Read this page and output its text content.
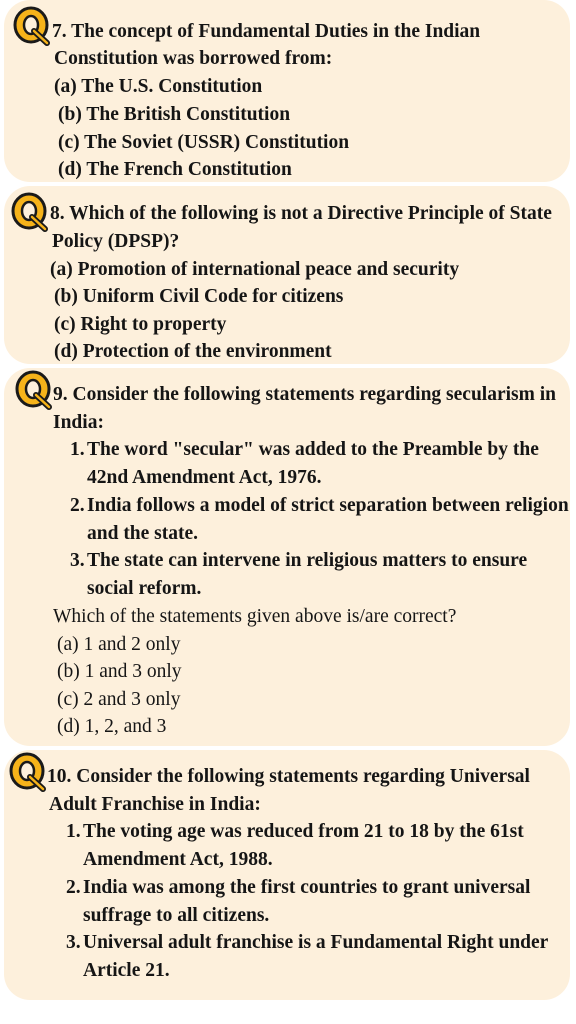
7. The concept of Fundamental Duties in the Indian
Constitution was borrowed from:
(a) The U.S. Constitution
(b) The British Constitution
(c) The Soviet (USSR) Constitution
(d) The French Constitution
8. Which of the following is not a Directive Principle of State
Policy (DPSP)?
(a) Promotion of international peace and security
(b) Uniform Civil Code for citizens
(c) Right to property
(d) Protection of the environment
9. Consider the following statements regarding secularism in
India:
1. The word "secular" was added to the Preamble by the
42nd Amendment Act, 1976.
2. India follows a model of strict separation between religion
and the state.
3. The state can intervene in religious matters to ensure
social reform.
Which of the statements given above is/are correct?
(a) 1 and 2 only
(b) 1 and 3 only
(c) 2 and 3 only
(d) 1, 2, and 3
10. Consider the following statements regarding Universal
Adult Franchise in India:
1. The voting age was reduced from 21 to 18 by the 61st
Amendment Act, 1988.
2. India was among the first countries to grant universal
suffrage to all citizens.
3. Universal adult franchise is a Fundamental Right under
Article 21.
